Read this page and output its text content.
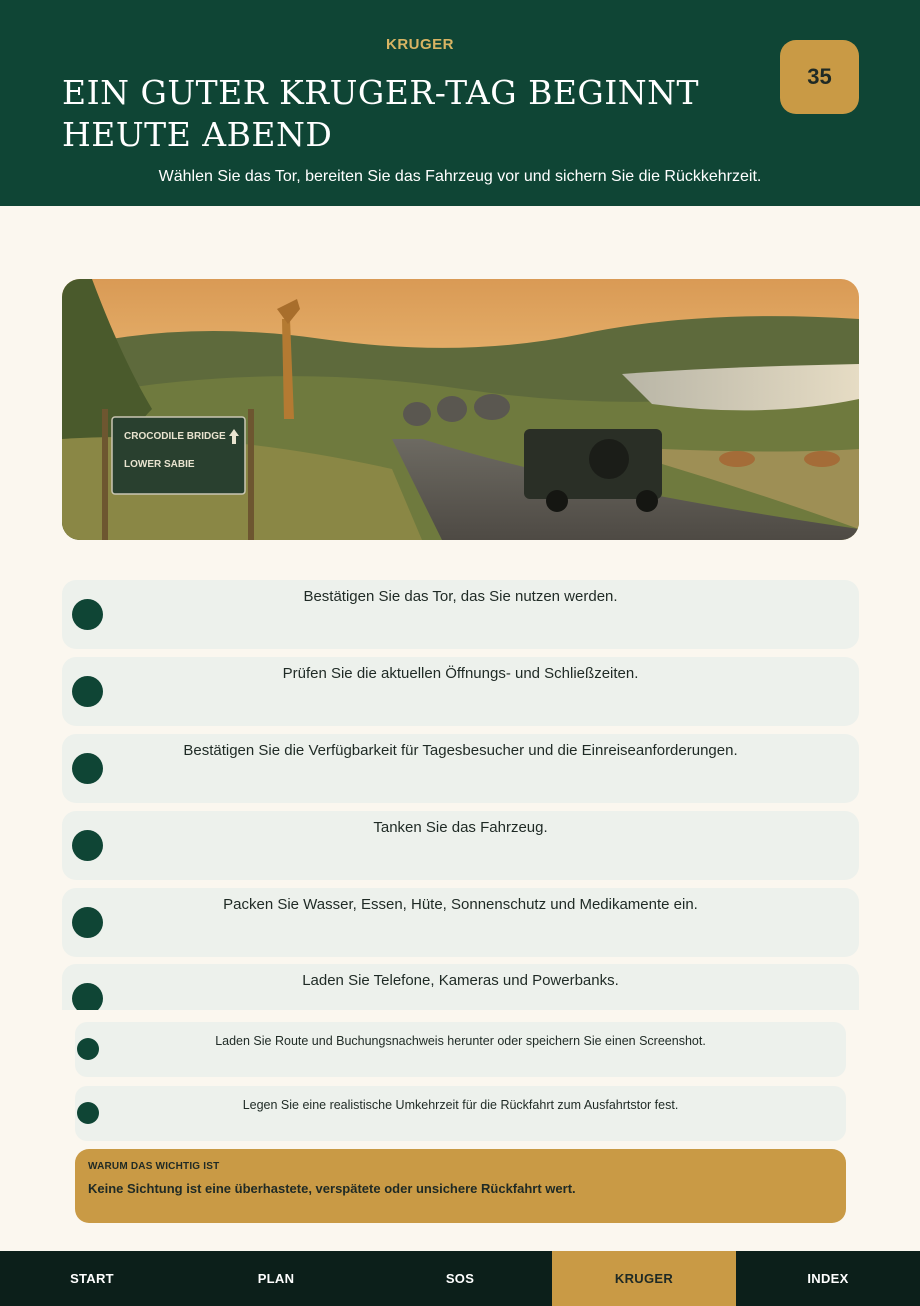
KRUGER
EIN GUTER KRUGER-TAG BEGINNT HEUTE ABEND
35
Wählen Sie das Tor, bereiten Sie das Fahrzeug vor und sichern Sie die Rückkehrzeit.
CROCODILE BRIDGE
LOWER SABIE
Bestätigen Sie das Tor, das Sie nutzen werden.
Prüfen Sie die aktuellen Öffnungs- und Schließzeiten.
Bestätigen Sie die Verfügbarkeit für Tagesbesucher und die Einreiseanforderungen.
Tanken Sie das Fahrzeug.
Packen Sie Wasser, Essen, Hüte, Sonnenschutz und Medikamente ein.
Laden Sie Telefone, Kameras und Powerbanks.
Laden Sie Route und Buchungsnachweis herunter oder speichern Sie einen Screenshot.
Legen Sie eine realistische Umkehrzeit für die Rückfahrt zum Ausfahrtstor fest.
WARUM DAS WICHTIG IST
Keine Sichtung ist eine überhastete, verspätete oder unsichere Rückfahrt wert.
START	PLAN	SOS	KRUGER	INDEX
